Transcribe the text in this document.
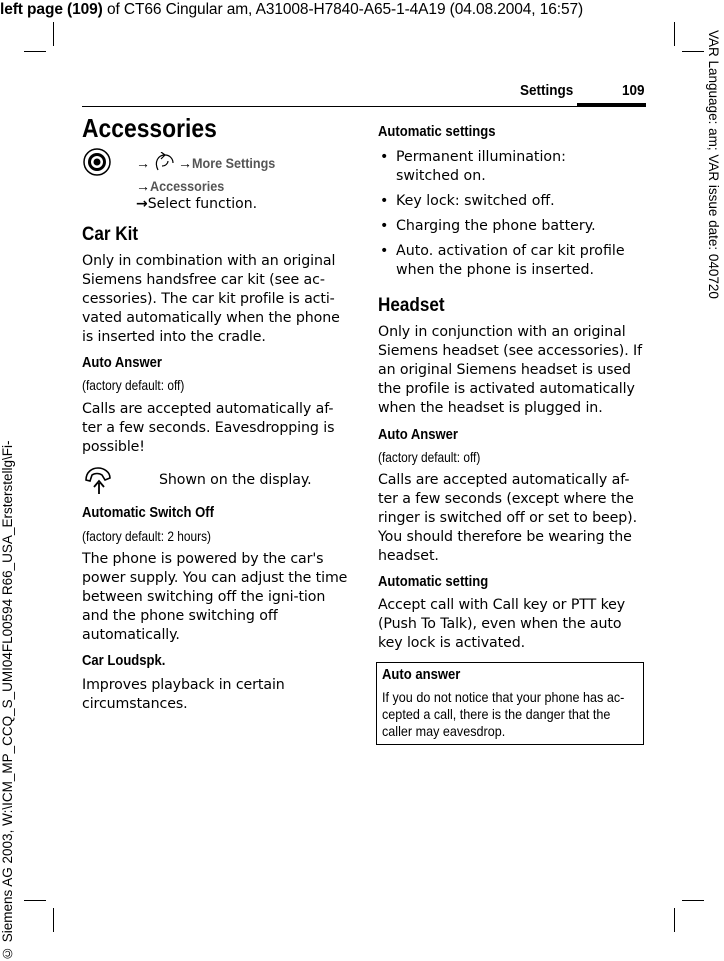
left page (109) of CT66 Cingular am, A31008-H7840-A65-1-4A19 (04.08.2004, 16:57)
VAR Language: am; VAR issue date: 040720
© Siemens AG 2003, W:\ICM_MP_CCQ_S_UMI04FL00594 R66_USA_Ersterstellg\Fi-
Settings	109
Accessories
→ →More Settings
→Accessories
→Select function.
Car Kit
Only in combination with an original Siemens handsfree car kit (see ac-cessories). The car kit profile is acti-vated automatically when the phone is inserted into the cradle.
Auto Answer
(factory default: off)
Calls are accepted automatically af-ter a few seconds. Eavesdropping is possible!
Shown on the display.
Automatic Switch Off
(factory default: 2 hours)
The phone is powered by the car's power supply. You can adjust the time between switching off the igni-tion and the phone switching off automatically.
Car Loudspk.
Improves playback in certain circumstances.
Automatic settings
• Permanent illumination: switched on.
• Key lock: switched off.
• Charging the phone battery.
• Auto. activation of car kit profile when the phone is inserted.
Headset
Only in conjunction with an original Siemens headset (see accessories). If an original Siemens headset is used the profile is activated automatically when the headset is plugged in.
Auto Answer
(factory default: off)
Calls are accepted automatically af-ter a few seconds (except where the ringer is switched off or set to beep). You should therefore be wearing the headset.
Automatic setting
Accept call with Call key or PTT key (Push To Talk), even when the auto key lock is activated.
Auto answer
If you do not notice that your phone has ac-cepted a call, there is the danger that the caller may eavesdrop.
